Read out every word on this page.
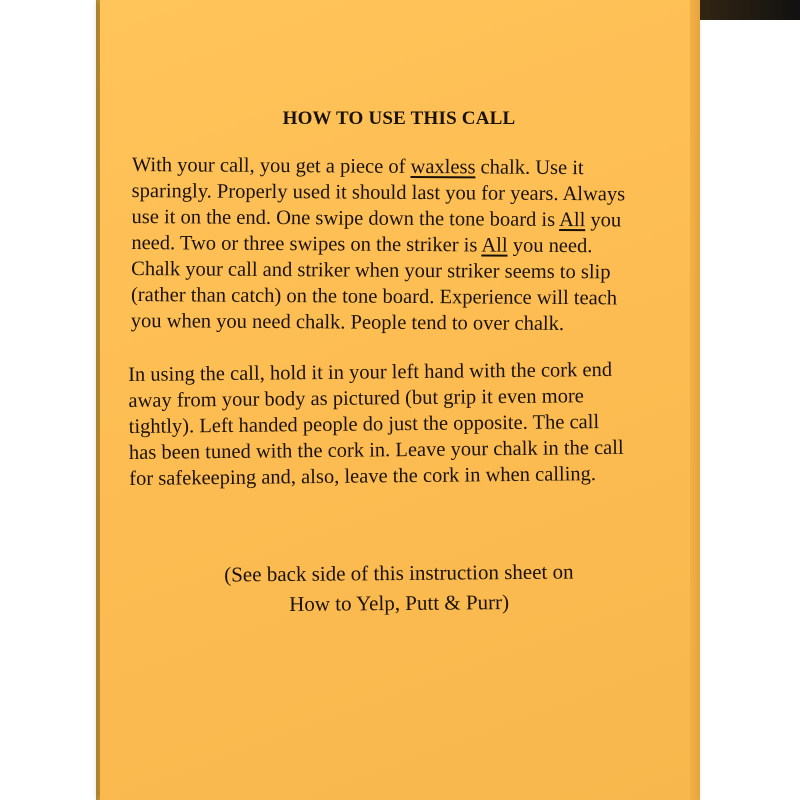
HOW TO USE THIS CALL

With your call, you get a piece of waxless chalk. Use it
sparingly. Properly used it should last you for years. Always
use it on the end. One swipe down the tone board is All you
need. Two or three swipes on the striker is All you need.
Chalk your call and striker when your striker seems to slip
(rather than catch) on the tone board. Experience will teach
you when you need chalk. People tend to over chalk.

In using the call, hold it in your left hand with the cork end
away from your body as pictured (but grip it even more
tightly). Left handed people do just the opposite. The call
has been tuned with the cork in. Leave your chalk in the call
for safekeeping and, also, leave the cork in when calling.

(See back side of this instruction sheet on
How to Yelp, Putt & Purr)
